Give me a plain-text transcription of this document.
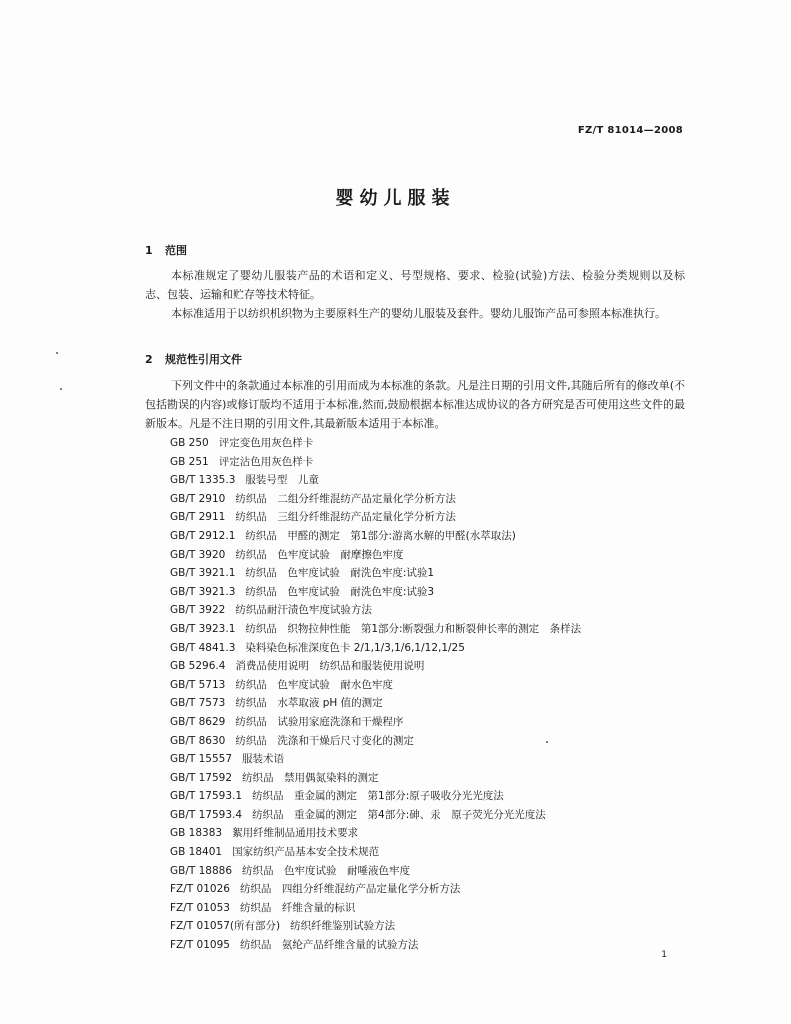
FZ/T 81014—2008
婴幼儿服装
1 范围
本标准规定了婴幼儿服装产品的术语和定义、号型规格、要求、检验(试验)方法、检验分类规则以及标志、包装、运输和贮存等技术特征。
本标准适用于以纺织机织物为主要原料生产的婴幼儿服装及套件。婴幼儿服饰产品可参照本标准执行。
2 规范性引用文件
下列文件中的条款通过本标准的引用而成为本标准的条款。凡是注日期的引用文件,其随后所有的修改单(不包括勘误的内容)或修订版均不适用于本标准,然而,鼓励根据本标准达成协议的各方研究是否可使用这些文件的最新版本。凡是不注日期的引用文件,其最新版本适用于本标准。
GB 250 评定变色用灰色样卡
GB 251 评定沾色用灰色样卡
GB/T 1335.3 服装号型　儿童
GB/T 2910 纺织品　二组分纤维混纺产品定量化学分析方法
GB/T 2911 纺织品　三组分纤维混纺产品定量化学分析方法
GB/T 2912.1 纺织品　甲醛的测定　第1部分:游离水解的甲醛(水萃取法)
GB/T 3920 纺织品　色牢度试验　耐摩擦色牢度
GB/T 3921.1 纺织品　色牢度试验　耐洗色牢度:试验1
GB/T 3921.3 纺织品　色牢度试验　耐洗色牢度:试验3
GB/T 3922 纺织品耐汗渍色牢度试验方法
GB/T 3923.1 纺织品　织物拉伸性能　第1部分:断裂强力和断裂伸长率的测定　条样法
GB/T 4841.3 染料染色标准深度色卡 2/1,1/3,1/6,1/12,1/25
GB 5296.4 消费品使用说明　纺织品和服装使用说明
GB/T 5713 纺织品　色牢度试验　耐水色牢度
GB/T 7573 纺织品　水萃取液 pH 值的测定
GB/T 8629 纺织品　试验用家庭洗涤和干燥程序
GB/T 8630 纺织品　洗涤和干燥后尺寸变化的测定
GB/T 15557 服装术语
GB/T 17592 纺织品　禁用偶氮染料的测定
GB/T 17593.1 纺织品　重金属的测定　第1部分:原子吸收分光光度法
GB/T 17593.4 纺织品　重金属的测定　第4部分:砷、汞　原子荧光分光光度法
GB 18383 絮用纤维制品通用技术要求
GB 18401 国家纺织产品基本安全技术规范
GB/T 18886 纺织品　色牢度试验　耐唾液色牢度
FZ/T 01026 纺织品　四组分纤维混纺产品定量化学分析方法
FZ/T 01053 纺织品　纤维含量的标识
FZ/T 01057(所有部分) 纺织纤维鉴别试验方法
FZ/T 01095 纺织品　氨纶产品纤维含量的试验方法
1
